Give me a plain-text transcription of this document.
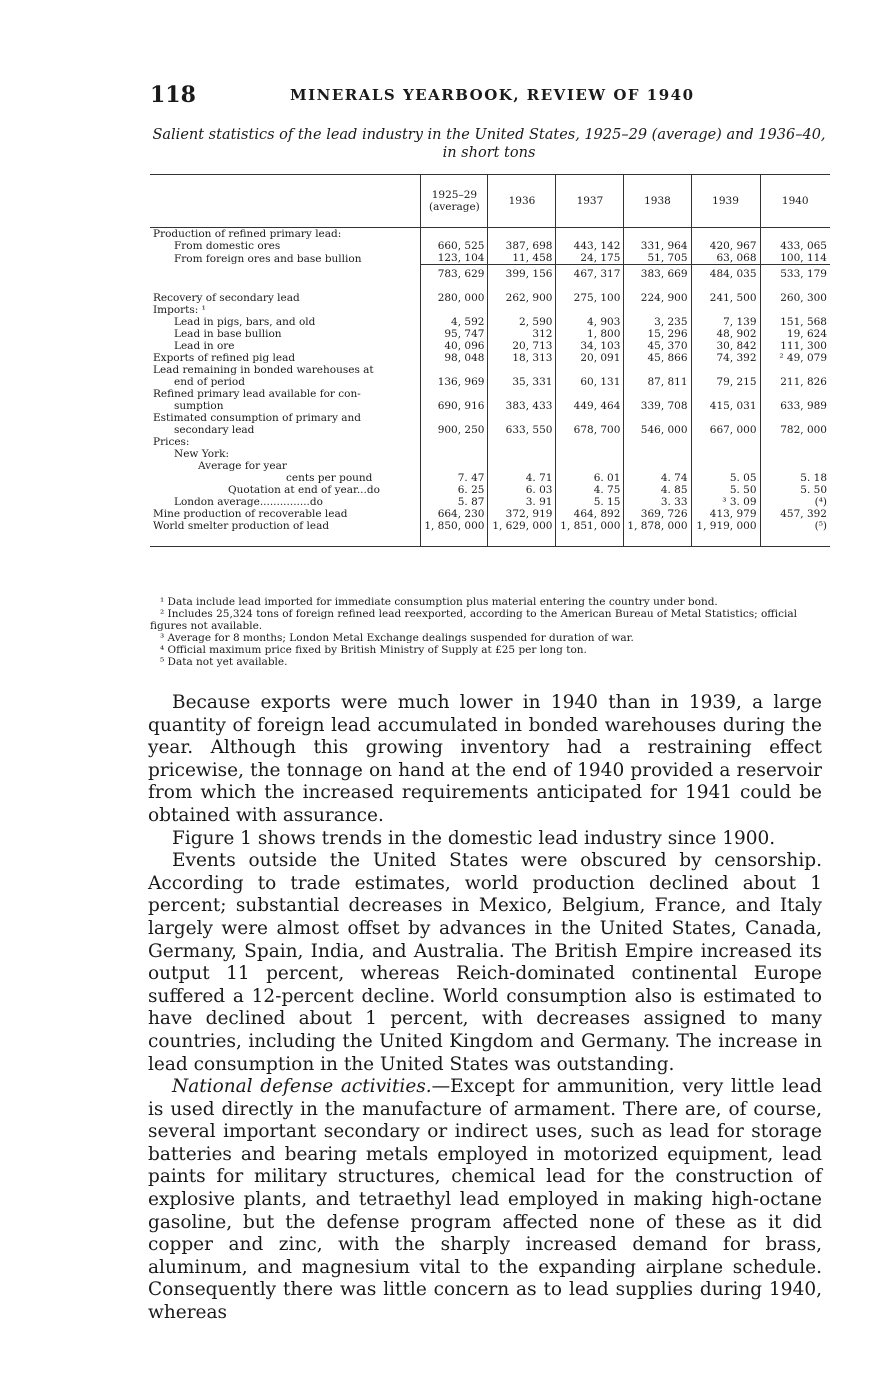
118	MINERALS YEARBOOK, REVIEW OF 1940
Salient statistics of the lead industry in the United States, 1925–29 (average) and 1936–40, in short tons
	1925–29 (average)	1936	1937	1938	1939	1940
Production of refined primary lead:						
From domestic ores	660, 525	387, 698	443, 142	331, 964	420, 967	433, 065
From foreign ores and base bullion	123, 104	11, 458	24, 175	51, 705	63, 068	100, 114
	783, 629	399, 156	467, 317	383, 669	484, 035	533, 179
Recovery of secondary lead	280, 000	262, 900	275, 100	224, 900	241, 500	260, 300
Imports: ¹						
Lead in pigs, bars, and old	4, 592	2, 590	4, 903	3, 235	7, 139	151, 568
Lead in base bullion	95, 747	312	1, 800	15, 296	48, 902	19, 624
Lead in ore	40, 096	20, 713	34, 103	45, 370	30, 842	111, 300
Exports of refined pig lead	98, 048	18, 313	20, 091	45, 866	74, 392	² 49, 079
Lead remaining in bonded warehouses at						
end of period	136, 969	35, 331	60, 131	87, 811	79, 215	211, 826
Refined primary lead available for con-						
sumption	690, 916	383, 433	449, 464	339, 708	415, 031	633, 989
Estimated consumption of primary and						
secondary lead	900, 250	633, 550	678, 700	546, 000	667, 000	782, 000
Prices:						
New York:						
Average for year						
cents per pound	7. 47	4. 71	6. 01	4. 74	5. 05	5. 18
Quotation at end of year...do	6. 25	6. 03	4. 75	4. 85	5. 50	5. 50
London average...............do	5. 87	3. 91	5. 15	3. 33	³ 3. 09	(⁴)
Mine production of recoverable lead	664, 230	372, 919	464, 892	369, 726	413, 979	457, 392
World smelter production of lead	1, 850, 000	1, 629, 000	1, 851, 000	1, 878, 000	1, 919, 000	(⁵)

¹ Data include lead imported for immediate consumption plus material entering the country under bond.

² Includes 25,324 tons of foreign refined lead reexported, according to the American Bureau of Metal Statistics; official figures not available.

³ Average for 8 months; London Metal Exchange dealings suspended for duration of war.

⁴ Official maximum price fixed by British Ministry of Supply at £25 per long ton.

⁵ Data not yet available.

Because exports were much lower in 1940 than in 1939, a large quantity of foreign lead accumulated in bonded warehouses during the year. Although this growing inventory had a restraining effect pricewise, the tonnage on hand at the end of 1940 provided a reservoir from which the increased requirements anticipated for 1941 could be obtained with assurance.

Figure 1 shows trends in the domestic lead industry since 1900.

Events outside the United States were obscured by censorship. According to trade estimates, world production declined about 1 percent; substantial decreases in Mexico, Belgium, France, and Italy largely were almost offset by advances in the United States, Canada, Germany, Spain, India, and Australia. The British Empire increased its output 11 percent, whereas Reich-dominated continental Europe suffered a 12-percent decline. World consumption also is estimated to have declined about 1 percent, with decreases assigned to many countries, including the United Kingdom and Germany. The increase in lead consumption in the United States was outstanding.

National defense activities.—Except for ammunition, very little lead is used directly in the manufacture of armament. There are, of course, several important secondary or indirect uses, such as lead for storage batteries and bearing metals employed in motorized equipment, lead paints for military structures, chemical lead for the construction of explosive plants, and tetraethyl lead employed in making high-octane gasoline, but the defense program affected none of these as it did copper and zinc, with the sharply increased demand for brass, aluminum, and magnesium vital to the expanding airplane schedule. Consequently there was little concern as to lead supplies during 1940, whereas
